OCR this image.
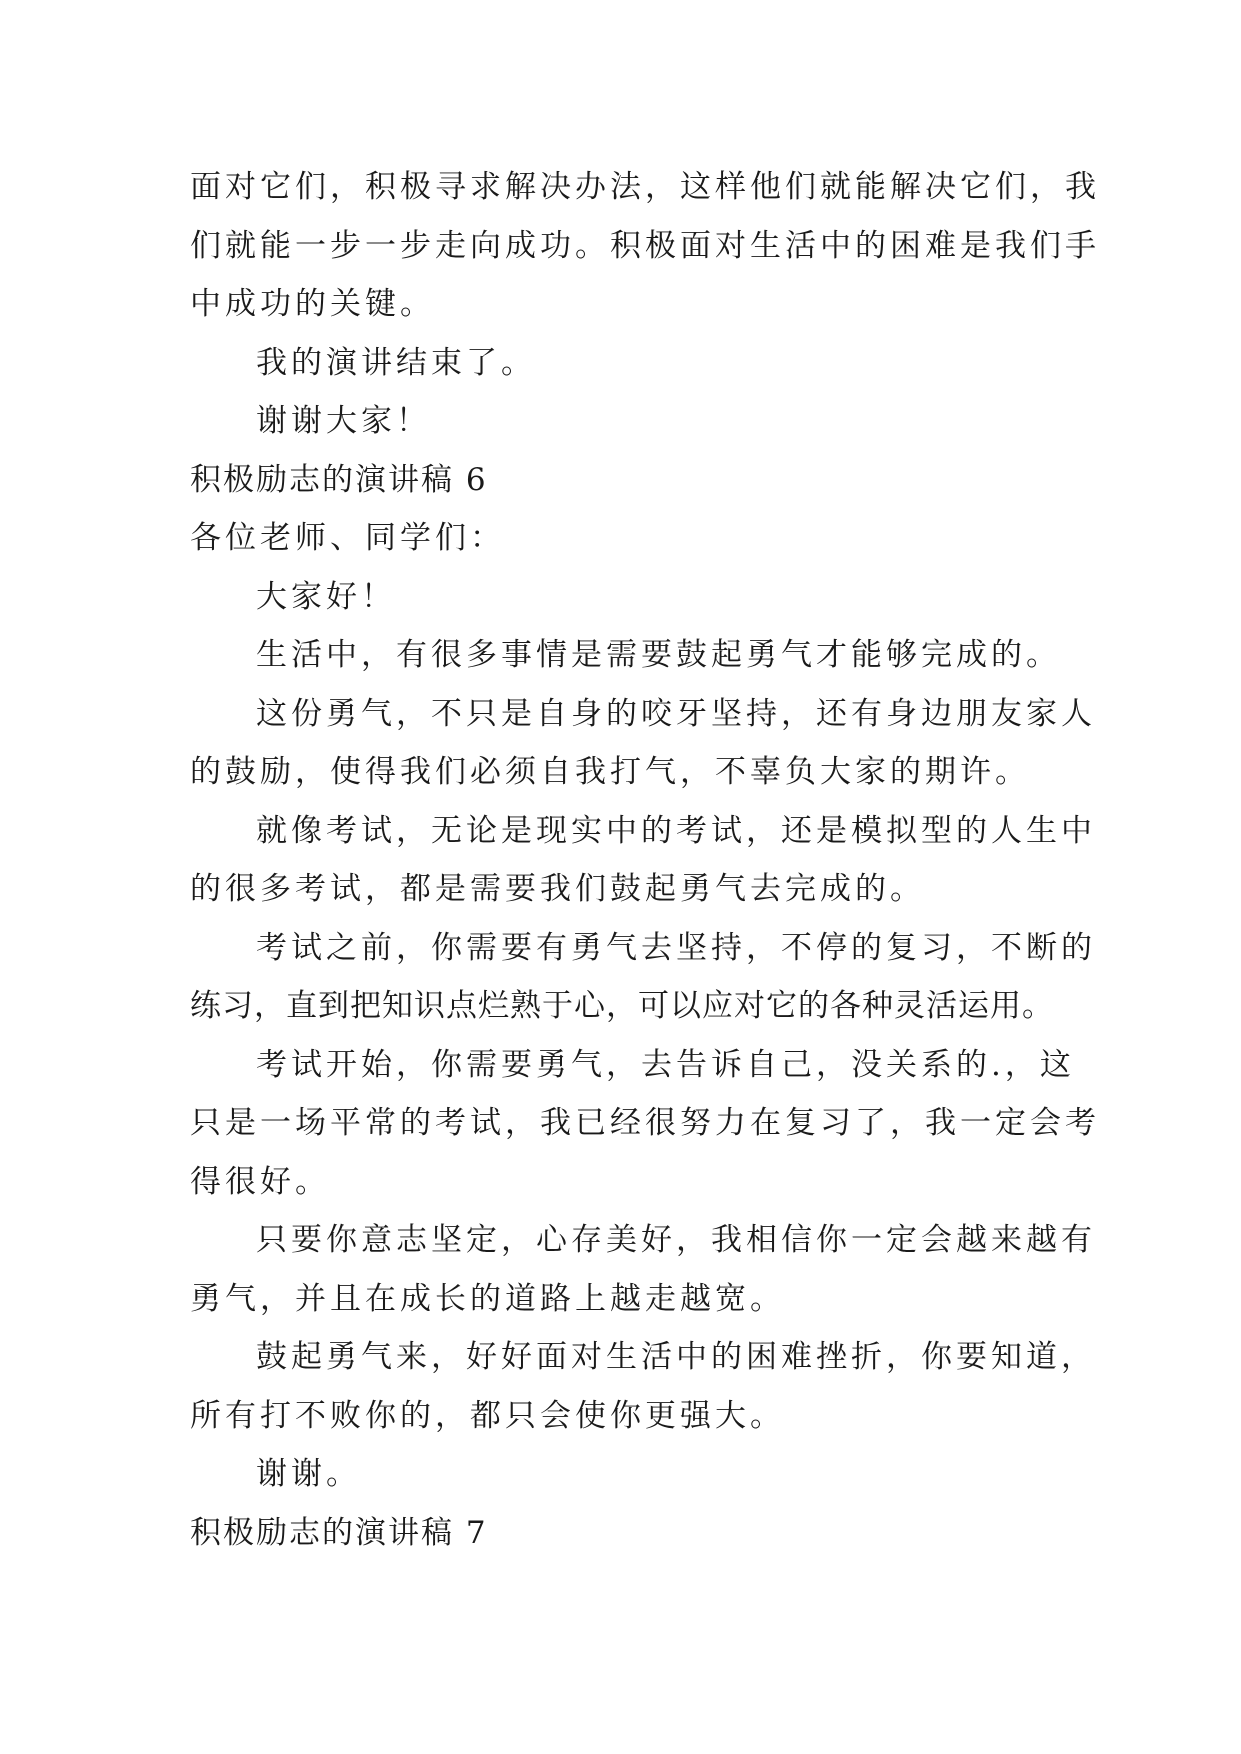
面对它们，积极寻求解决办法，这样他们就能解决它们，我
们就能一步一步走向成功。积极面对生活中的困难是我们手
中成功的关键。
我的演讲结束了。
谢谢大家！
积极励志的演讲稿 6
各位老师、同学们：
大家好！
生活中，有很多事情是需要鼓起勇气才能够完成的。
这份勇气，不只是自身的咬牙坚持，还有身边朋友家人
的鼓励，使得我们必须自我打气，不辜负大家的期许。
就像考试，无论是现实中的考试，还是模拟型的人生中
的很多考试，都是需要我们鼓起勇气去完成的。
考试之前，你需要有勇气去坚持，不停的复习，不断的
练习，直到把知识点烂熟于心，可以应对它的各种灵活运用。
考试开始，你需要勇气，去告诉自己，没关系的.，这
只是一场平常的考试，我已经很努力在复习了，我一定会考
得很好。
只要你意志坚定，心存美好，我相信你一定会越来越有
勇气，并且在成长的道路上越走越宽。
鼓起勇气来，好好面对生活中的困难挫折，你要知道，
所有打不败你的，都只会使你更强大。
谢谢。
积极励志的演讲稿 7
